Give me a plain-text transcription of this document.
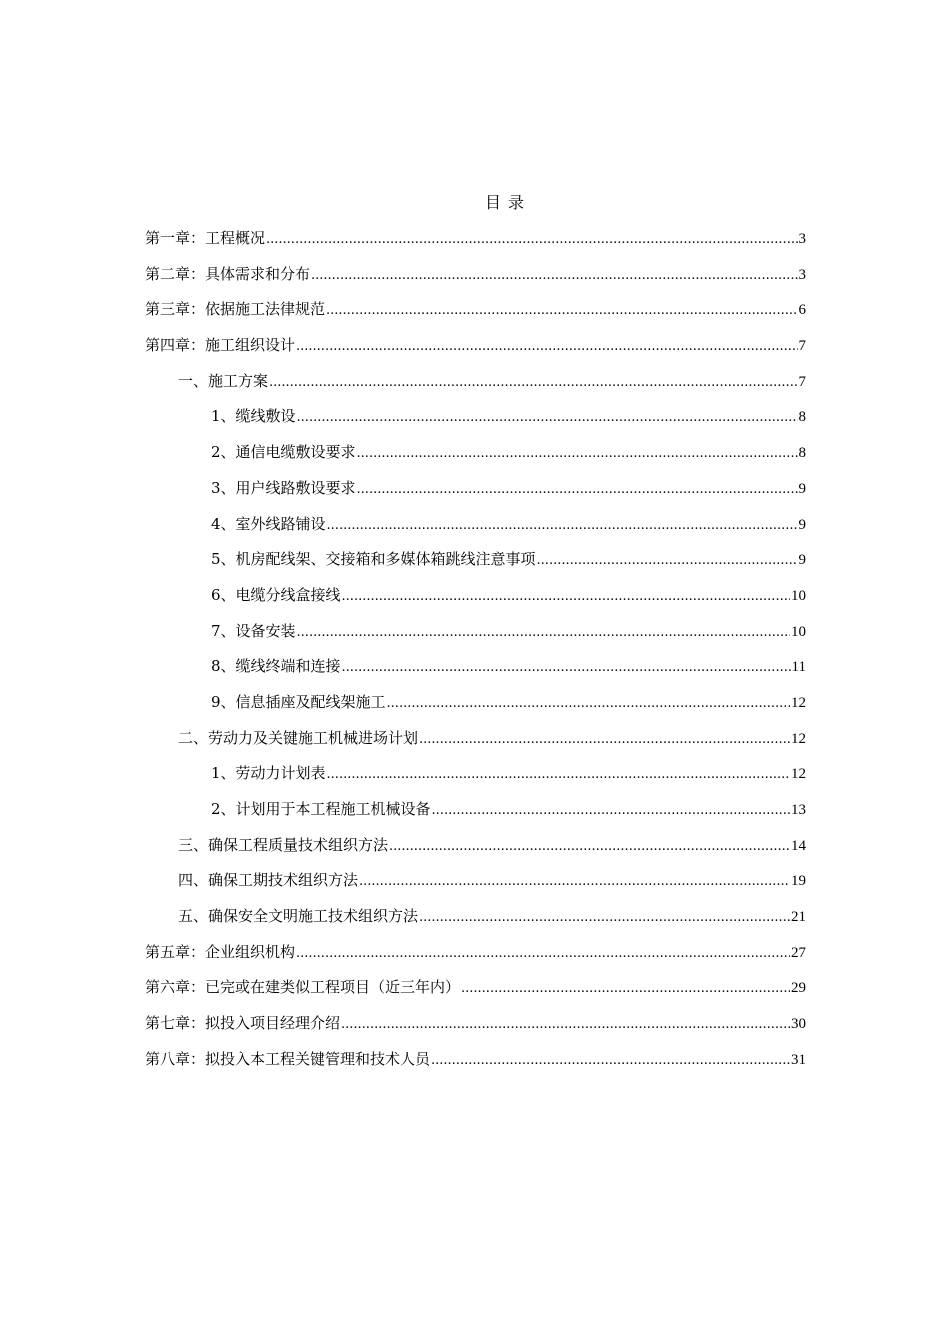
目 录
第一章：工程概况 .....	3
第二章：具体需求和分布 .....	3
第三章：依据施工法律规范 .....	6
第四章：施工组织设计 .....	7
一、施工方案 .....	7
1、缆线敷设 .....	8
2、通信电缆敷设要求 .....	8
3、用户线路敷设要求 .....	9
4、室外线路铺设 .....	9
5、机房配线架、交接箱和多媒体箱跳线注意事项 .....	9
6、电缆分线盒接线 .....	10
7、设备安装 .....	10
8、缆线终端和连接 .....	11
9、信息插座及配线架施工 .....	12
二、劳动力及关键施工机械进场计划 .....	12
1、劳动力计划表 .....	12
2、计划用于本工程施工机械设备 .....	13
三、确保工程质量技术组织方法 .....	14
四、确保工期技术组织方法 .....	19
五、确保安全文明施工技术组织方法 .....	21
第五章：企业组织机构 .....	27
第六章：已完或在建类似工程项目（近三年内） .....	29
第七章：拟投入项目经理介绍 .....	30
第八章：拟投入本工程关键管理和技术人员 .....	31
